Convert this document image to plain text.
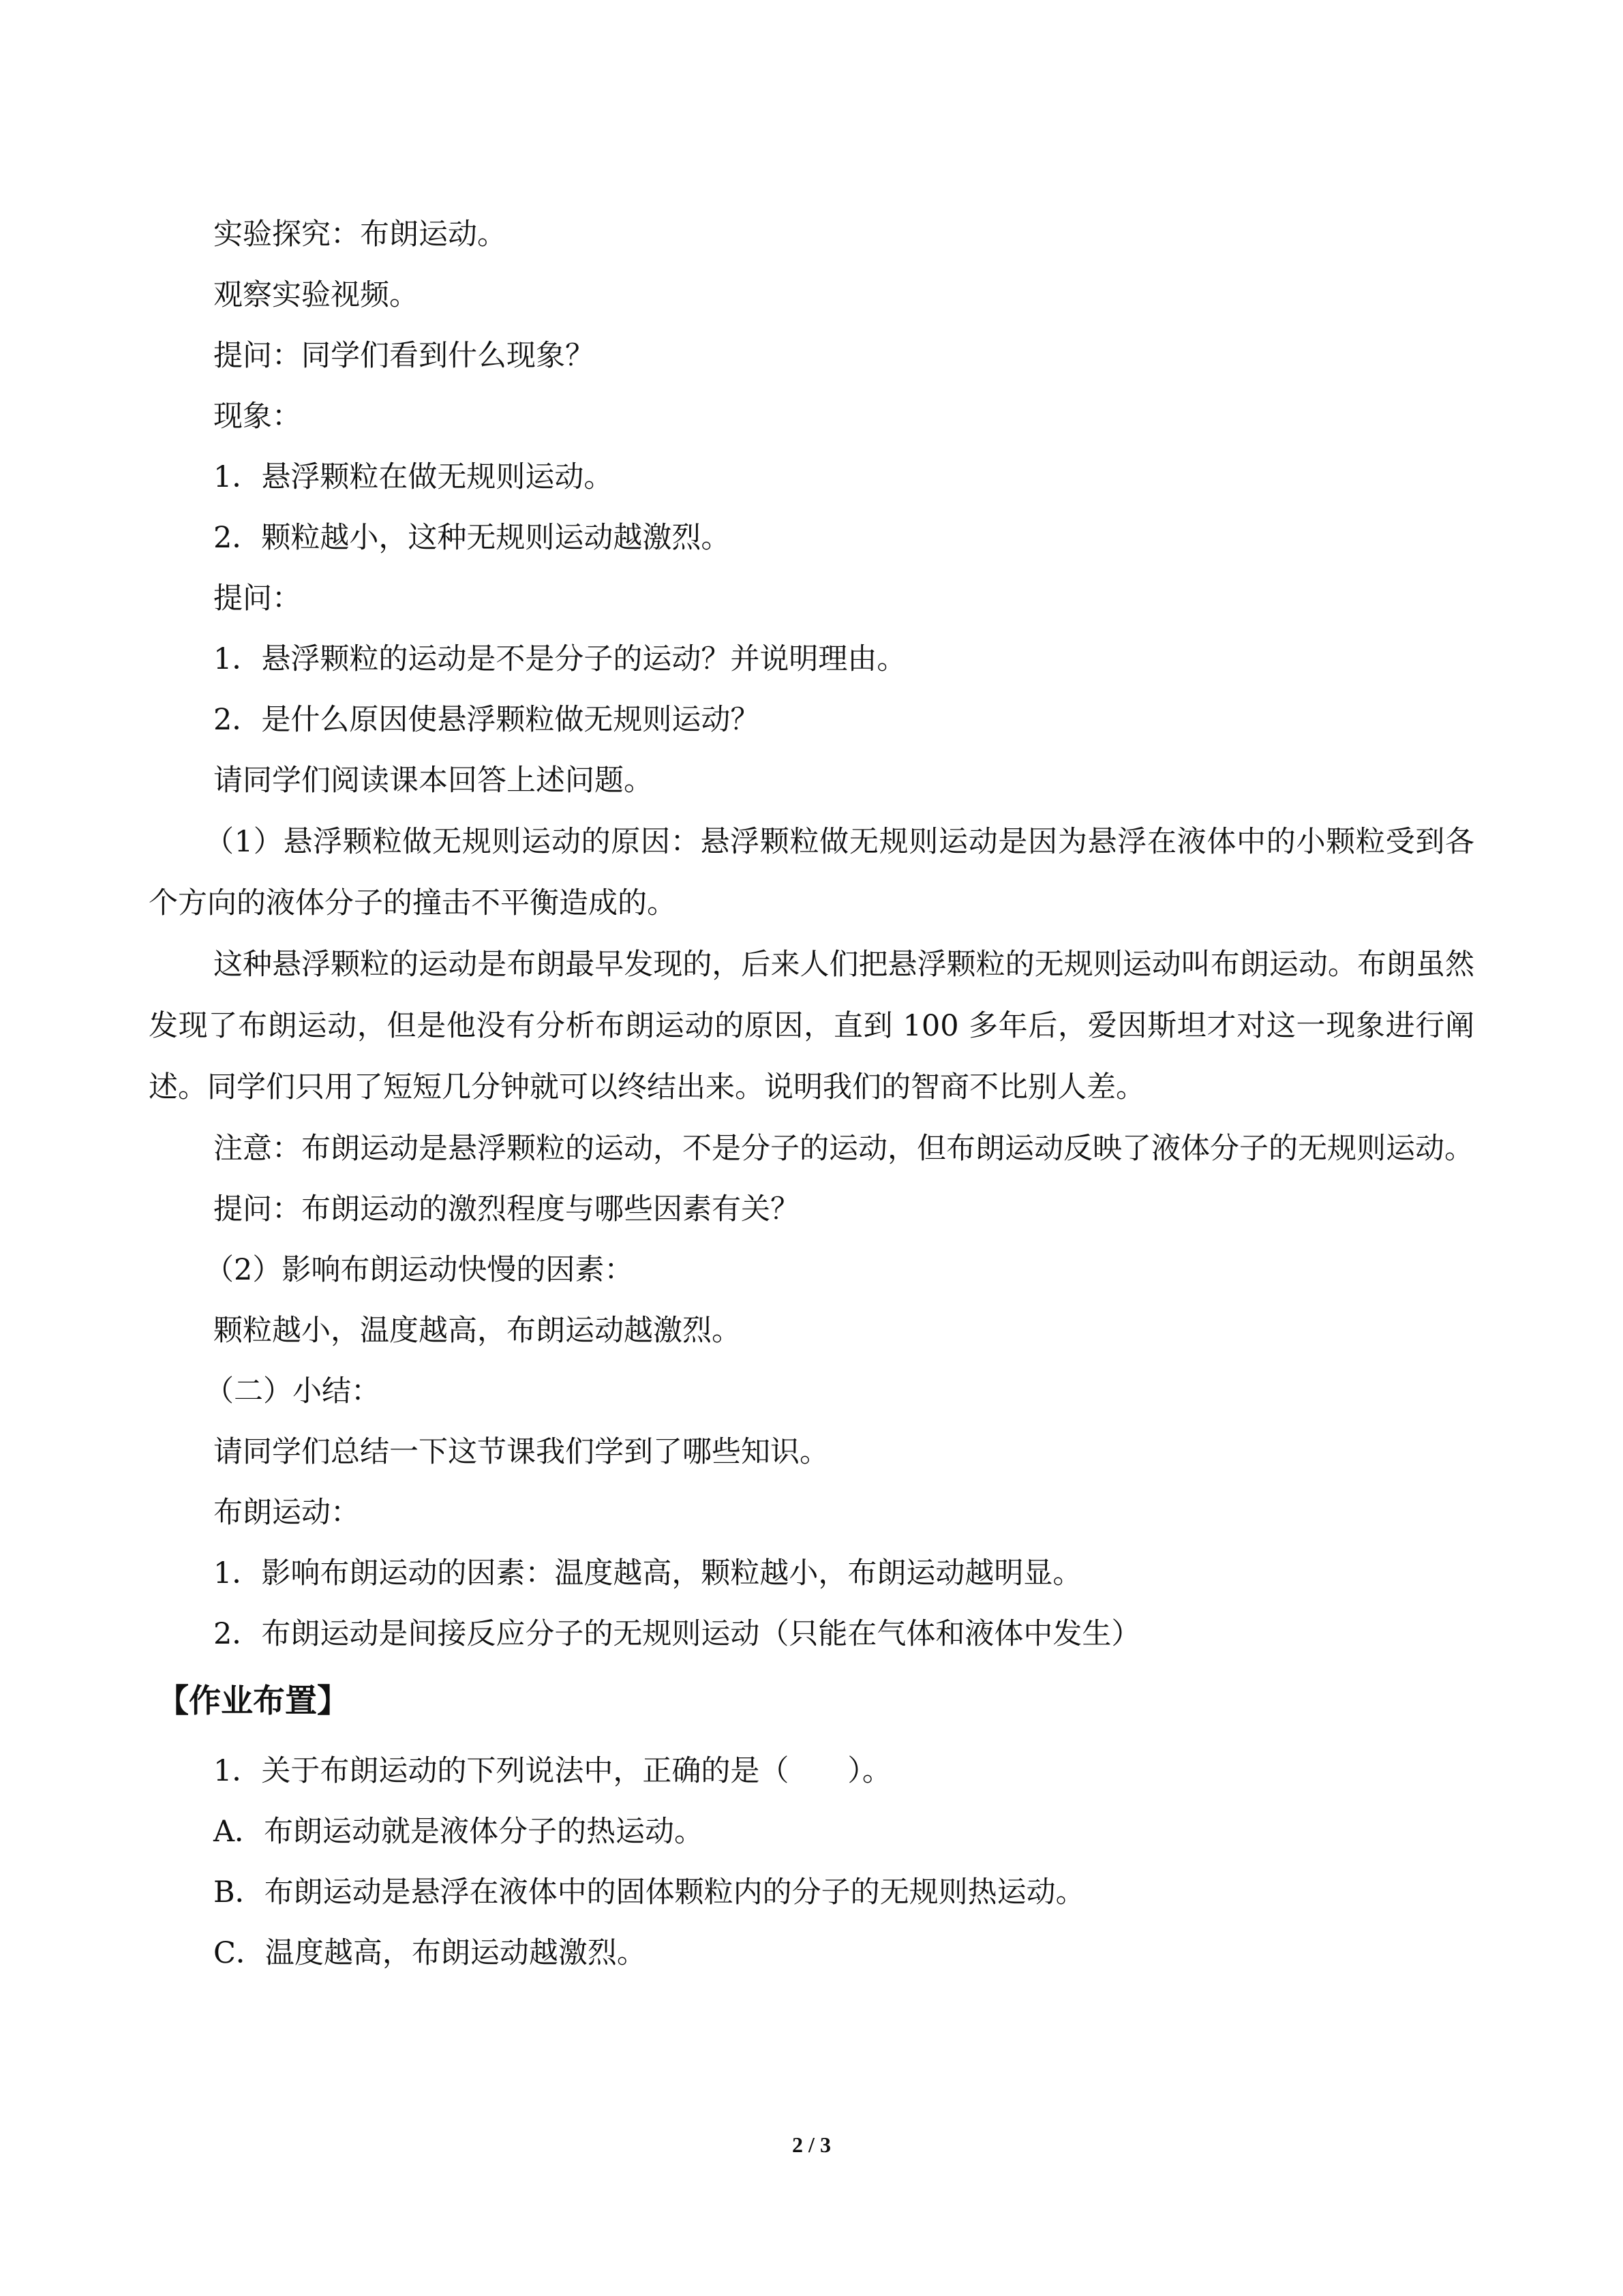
实验探究：布朗运动。

观察实验视频。

提问：同学们看到什么现象？

现象：

1．悬浮颗粒在做无规则运动。

2．颗粒越小，这种无规则运动越激烈。

提问：

1．悬浮颗粒的运动是不是分子的运动？并说明理由。

2．是什么原因使悬浮颗粒做无规则运动？

请同学们阅读课本回答上述问题。

（1）悬浮颗粒做无规则运动的原因：悬浮颗粒做无规则运动是因为悬浮在液体中的小颗粒受到各个方向的液体分子的撞击不平衡造成的。

这种悬浮颗粒的运动是布朗最早发现的，后来人们把悬浮颗粒的无规则运动叫布朗运动。布朗虽然发现了布朗运动，但是他没有分析布朗运动的原因，直到 100 多年后，爱因斯坦才对这一现象进行阐述。同学们只用了短短几分钟就可以终结出来。说明我们的智商不比别人差。

注意：布朗运动是悬浮颗粒的运动，不是分子的运动，但布朗运动反映了液体分子的无规则运动。

提问：布朗运动的激烈程度与哪些因素有关？

（2）影响布朗运动快慢的因素：

颗粒越小，温度越高，布朗运动越激烈。

（二）小结：

请同学们总结一下这节课我们学到了哪些知识。

布朗运动：

1．影响布朗运动的因素：温度越高，颗粒越小，布朗运动越明显。

2．布朗运动是间接反应分子的无规则运动（只能在气体和液体中发生）

【作业布置】

1．关于布朗运动的下列说法中，正确的是（　　）。

A．布朗运动就是液体分子的热运动。

B．布朗运动是悬浮在液体中的固体颗粒内的分子的无规则热运动。

C．温度越高，布朗运动越激烈。

2 / 3
